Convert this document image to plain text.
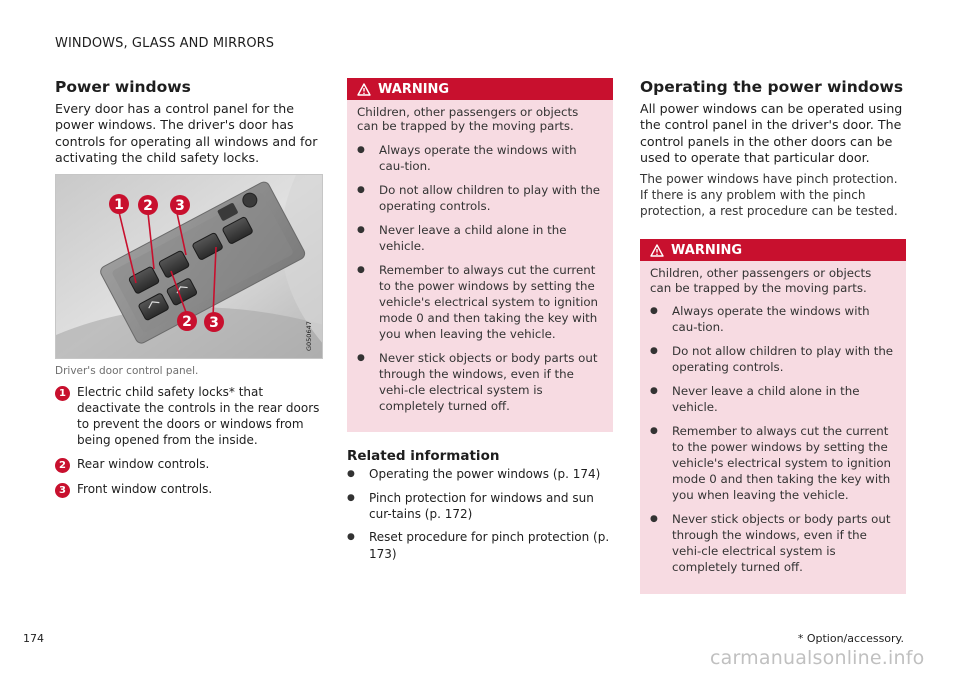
WINDOWS, GLASS AND MIRRORS
Power windows

Every door has a control panel for the power windows. The driver's door has controls for operating all windows and for activating the child safety locks.

1 2 3
2 3	G050647
Driver's door control panel.
1 Electric child safety locks* that deactivate the controls in the rear doors to prevent the doors or windows from being opened from the inside.
2 Rear window controls.
3 Front window controls.
WARNING

Children, other passengers or objects can be trapped by the moving parts.

●	Always operate the windows with cau-tion.
●	Do not allow children to play with the operating controls.
●	Never leave a child alone in the vehicle.
●	Remember to always cut the current to the power windows by setting the vehicle's electrical system to ignition mode 0 and then taking the key with you when leaving the vehicle.
●	Never stick objects or body parts out through the windows, even if the vehi-cle electrical system is completely turned off.
Related information
●	Operating the power windows (p. 174)
●	Pinch protection for windows and sun cur-tains (p. 172)
●	Reset procedure for pinch protection (p. 173)
Operating the power windows

All power windows can be operated using the control panel in the driver's door. The control panels in the other doors can be used to operate that particular door.

The power windows have pinch protection. If there is any problem with the pinch protection, a rest procedure can be tested.

WARNING

Children, other passengers or objects can be trapped by the moving parts.

●	Always operate the windows with cau-tion.
●	Do not allow children to play with the operating controls.
●	Never leave a child alone in the vehicle.
●	Remember to always cut the current to the power windows by setting the vehicle's electrical system to ignition mode 0 and then taking the key with you when leaving the vehicle.
●	Never stick objects or body parts out through the windows, even if the vehi-cle electrical system is completely turned off.
174	* Option/accessory.
carmanualsonline.info
